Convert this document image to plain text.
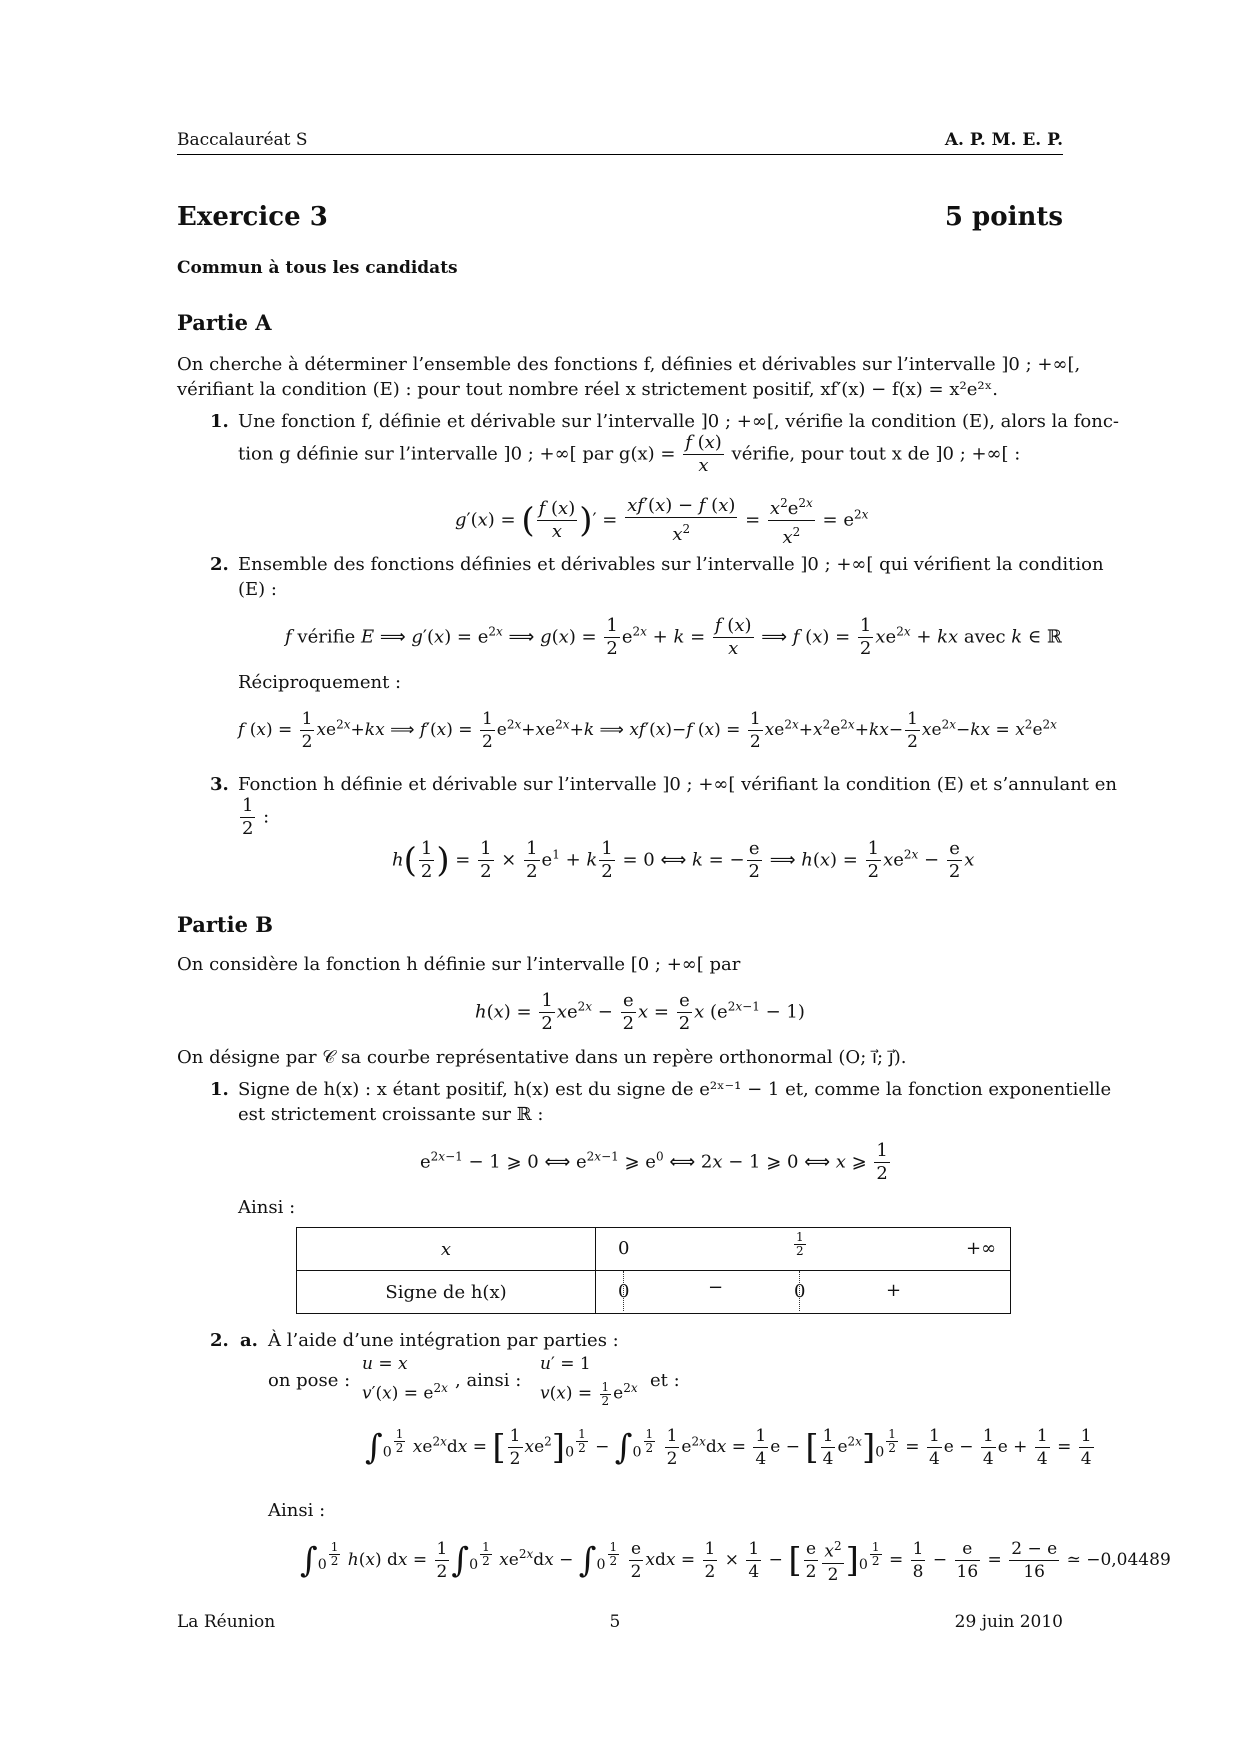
Baccalauréat S	A. P. M. E. P.
Exercice 3	5 points
Commun à tous les candidats
Partie A
On cherche à déterminer l’ensemble des fonctions f, définies et dérivables sur l’intervalle ]0 ; +∞[,
vérifiant la condition (E) : pour tout nombre réel x strictement positif, xf′(x) − f(x) = x²e²ˣ.
1. Une fonction f, définie et dérivable sur l’intervalle ]0 ; +∞[, vérifie la condition (E), alors la fonc-
tion g définie sur l’intervalle ]0 ; +∞[ par $g(x) = \frac{f (x)}{x}$ vérifie, pour tout x de ]0 ; +∞[ :
g′(x) = ( $\frac{f (x)}{x}$ )′ = $\frac{xf'(x) - f (x)}{x^2} = \frac{x^2e^{2x}}{x^2} = e^{2x}$
2. Ensemble des fonctions définies et dérivables sur l’intervalle ]0 ; +∞[ qui vérifient la condition
(E) :
f vérifie E ⟹ $g'(x) = e^{2x}$ ⟹ $g(x) = \frac{1}{2} e^{2x} + k = \frac{f (x)}{x}$ ⟹ f $(x) = \frac{1}{2} xe^{2x}$ + kx avec k ∈ ℝ
Réciproquement :
f $(x) = \frac{1}{2} xe^{2x}+kx$ ⟹ $f'(x) = \frac{1}{2} e^{2x}+xe^{2x}+k$ ⟹ xf′(x)−f $(x) = \frac{1}{2} xe^{2x}+x^2e^{2x}+kx- \frac{1}{2} xe^{2x}-kx = x^2e^{2x}$
3. Fonction h définie et dérivable sur l’intervalle ]0 ; +∞[ vérifiant la condition (E) et s’annulant en
$\frac{1}{2}$ :
$h( \frac{1}{2}$ ) = $\frac{1}{2} \times \frac{1}{2} e^1 + k \frac{1}{2} = 0$ ⟺ k = − $\frac{e}{2}$ ⟹ $h(x) = \frac{1}{2} xe^{2x} - \frac{e}{2}$ x
Partie B
On considère la fonction h définie sur l’intervalle [0 ; +∞[ par
$h(x) = \frac{1}{2} xe^{2x} - \frac{e}{2}$ $x = \frac{e}{2}$ x $(e^{2x-1} - 1)$
On désigne par 𝒞 sa courbe représentative dans un repère orthonormal (O; ı⃗; ȷ⃗).
1. Signe de h(x) : x étant positif, h(x) est du signe de e²ˣ⁻¹ − 1 et, comme la fonction exponentielle
est strictement croissante sur ℝ :
$e^{2x-1} - 1$ ⩾ 0 ⟺ $e^{2x-1}$ ⩾ $e^0$ ⟺ 2x − 1 ⩾ 0 ⟺ x ⩾ $\frac{1}{2}$
Ainsi :
x	$0 \frac{1}{2}$ +∞

Signe de h(x)	0 − 0 +
2. a. À l’aide d’une intégration par parties :
on pose :
u = x
$v'(x) = e^{2x}$ , ainsi :
u′ = 1
$v(x) = \frac{1}{2} e^{2x}$ et :
$\int_0$ $^{\frac{1}{2}}$ $xe^{2x}dx$ = [ $\frac{1}{2} xe^2]_0$ $^{\frac{1}{2}} - \int_0$ $^{\frac{1}{2}}$
$\frac{1}{2} e^{2x}dx = \frac{1}{4}$ e − [ $\frac{1}{4} e^{2x}]_0$ $^{\frac{1}{2}} = \frac{1}{4}$ $e - \frac{1}{4}$ $e + \frac{1}{4} = \frac{1}{4}$
Ainsi :
$\int_0$ $^{\frac{1}{2}}$ h(x) dx = $\frac{1}{2} \int_0$ $^{\frac{1}{2}}$ $xe^{2x}dx - \int_0$ $^{\frac{1}{2}}$
$\frac{e}{2}$ xdx = $\frac{1}{2} \times \frac{1}{4}$ − [ $\frac{e}{2} \frac{x^2}{2} ]_0$ $^{\frac{1}{2}} = \frac{1}{8} - \frac{e}{16} = \frac{2 - e}{16}$ ≃ −0,04489
La Réunion	5	29 juin 2010
